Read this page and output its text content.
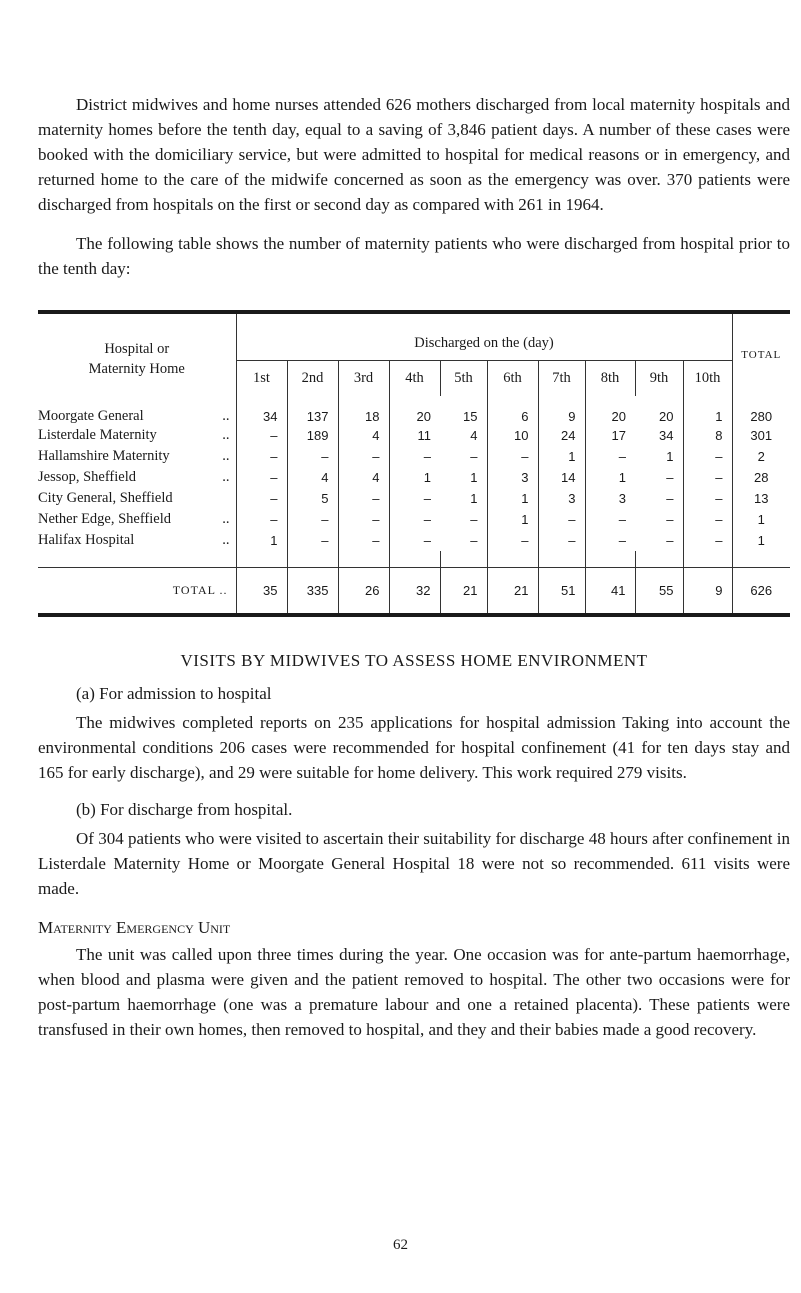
District midwives and home nurses attended 626 mothers discharged from local maternity hospitals and maternity homes before the tenth day, equal to a saving of 3,846 patient days. A number of these cases were booked with the domiciliary service, but were admitted to hospital for medical reasons or in emergency, and returned home to the care of the midwife concerned as soon as the emergency was over. 370 patients were discharged from hospitals on the first or second day as compared with 261 in 1964.

The following table shows the number of maternity patients who were discharged from hospital prior to the tenth day:

Hospital or
Maternity Home	Discharged on the (day)										TOTAL
	1st	2nd	3rd	4th	5th	6th	7th	8th	9th	10th	
Moorgate General ..	34	137	18	20	15	6	9	20	20	1	280
Listerdale Maternity ..	–	189	4	11	4	10	24	17	34	8	301
Hallamshire Maternity ..	–	–	–	–	–	–	1	–	1	–	2
Jessop, Sheffield ..	–	4	4	1	1	3	14	1	–	–	28
City General, Sheffield	–	5	–	–	1	1	3	3	–	–	13
Nether Edge, Sheffield ..	–	–	–	–	–	1	–	–	–	–	1
Halifax Hospital ..	1	–	–	–	–	–	–	–	–	–	1

TOTAL ..	35	335	26	32	21	21	51	41	55	9	626
VISITS BY MIDWIVES TO ASSESS HOME ENVIRONMENT

(a) For admission to hospital

The midwives completed reports on 235 applications for hospital admission Taking into account the environmental conditions 206 cases were recommended for hospital confinement (41 for ten days stay and 165 for early discharge), and 29 were suitable for home delivery. This work required 279 visits.

(b) For discharge from hospital.

Of 304 patients who were visited to ascertain their suitability for discharge 48 hours after confinement in Listerdale Maternity Home or Moorgate General Hospital 18 were not so recommended. 611 visits were made.

Maternity Emergency Unit

The unit was called upon three times during the year. One occasion was for ante-partum haemorrhage, when blood and plasma were given and the patient removed to hospital. The other two occasions were for post-partum haemorrhage (one was a premature labour and one a retained placenta). These patients were transfused in their own homes, then removed to hospital, and they and their babies made a good recovery.

62
